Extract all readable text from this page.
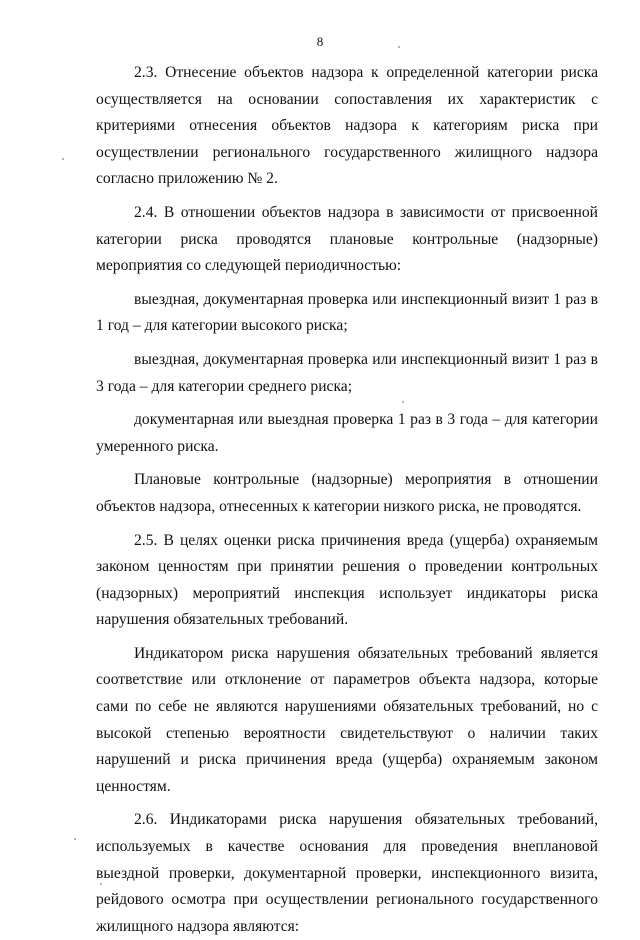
8

2.3. Отнесение объектов надзора к определенной категории риска осуществляется на основании сопоставления их характеристик с критериями отнесения объектов надзора к категориям риска при осуществлении регионального государственного жилищного надзора согласно приложению № 2.

2.4. В отношении объектов надзора в зависимости от присвоенной категории риска проводятся плановые контрольные (надзорные) мероприятия со следующей периодичностью:

выездная, документарная проверка или инспекционный визит 1 раз в 1 год – для категории высокого риска;

выездная, документарная проверка или инспекционный визит 1 раз в 3 года – для категории среднего риска;

документарная или выездная проверка 1 раз в 3 года – для категории умеренного риска.

Плановые контрольные (надзорные) мероприятия в отношении объектов надзора, отнесенных к категории низкого риска, не проводятся.

2.5. В целях оценки риска причинения вреда (ущерба) охраняемым законом ценностям при принятии решения о проведении контрольных (надзорных) мероприятий инспекция использует индикаторы риска нарушения обязательных требований.

Индикатором риска нарушения обязательных требований является соответствие или отклонение от параметров объекта надзора, которые сами по себе не являются нарушениями обязательных требований, но с высокой степенью вероятности свидетельствуют о наличии таких нарушений и риска причинения вреда (ущерба) охраняемым законом ценностям.

2.6. Индикаторами риска нарушения обязательных требований, используемых в качестве основания для проведения внеплановой выездной проверки, документарной проверки, инспекционного визита, рейдового осмотра при осуществлении регионального государственного жилищного надзора являются:
